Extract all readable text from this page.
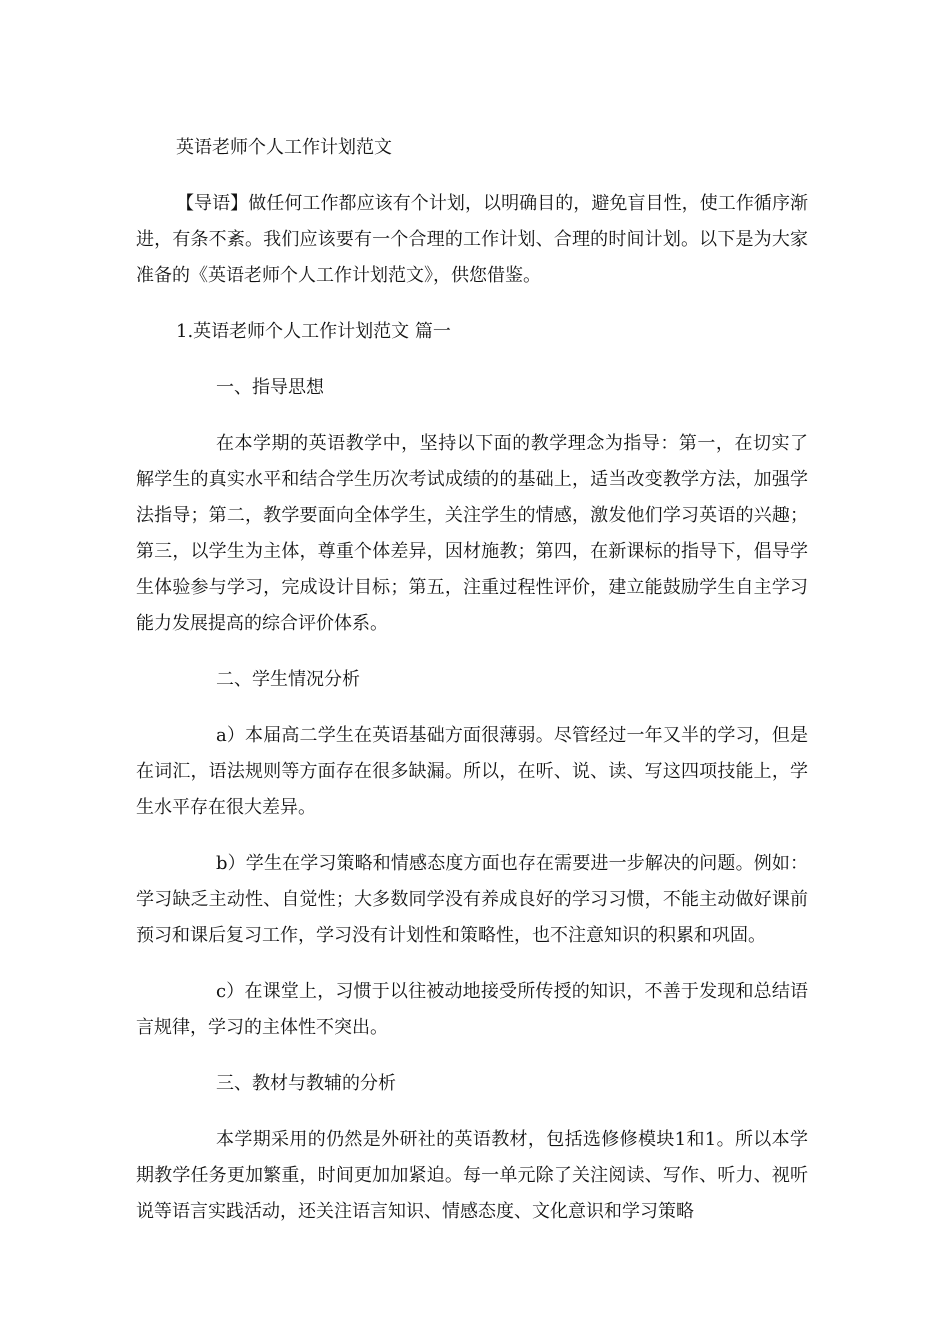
英语老师个人工作计划范文

【导语】做任何工作都应该有个计划，以明确目的，避免盲目性，使工作循序渐进，有条不紊。我们应该要有一个合理的工作计划、合理的时间计划。以下是为大家准备的《英语老师个人工作计划范文》，供您借鉴。

1.英语老师个人工作计划范文 篇一
一、指导思想

在本学期的英语教学中，坚持以下面的教学理念为指导：第一，在切实了解学生的真实水平和结合学生历次考试成绩的的基础上，适当改变教学方法，加强学法指导；第二，教学要面向全体学生，关注学生的情感，激发他们学习英语的兴趣；第三，以学生为主体，尊重个体差异，因材施教；第四，在新课标的指导下，倡导学生体验参与学习，完成设计目标；第五，注重过程性评价，建立能鼓励学生自主学习能力发展提高的综合评价体系。

二、学生情况分析

a）本届高二学生在英语基础方面很薄弱。尽管经过一年又半的学习，但是在词汇，语法规则等方面存在很多缺漏。所以，在听、说、读、写这四项技能上，学生水平存在很大差异。

b）学生在学习策略和情感态度方面也存在需要进一步解决的问题。例如：学习缺乏主动性、自觉性；大多数同学没有养成良好的学习习惯，不能主动做好课前预习和课后复习工作，学习没有计划性和策略性，也不注意知识的积累和巩固。

c）在课堂上，习惯于以往被动地接受所传授的知识，不善于发现和总结语言规律，学习的主体性不突出。

三、教材与教辅的分析

本学期采用的仍然是外研社的英语教材，包括选修修模块1和1。所以本学期教学任务更加繁重，时间更加加紧迫。每一单元除了关注阅读、写作、听力、视听说等语言实践活动，还关注语言知识、情感态度、文化意识和学习策略
